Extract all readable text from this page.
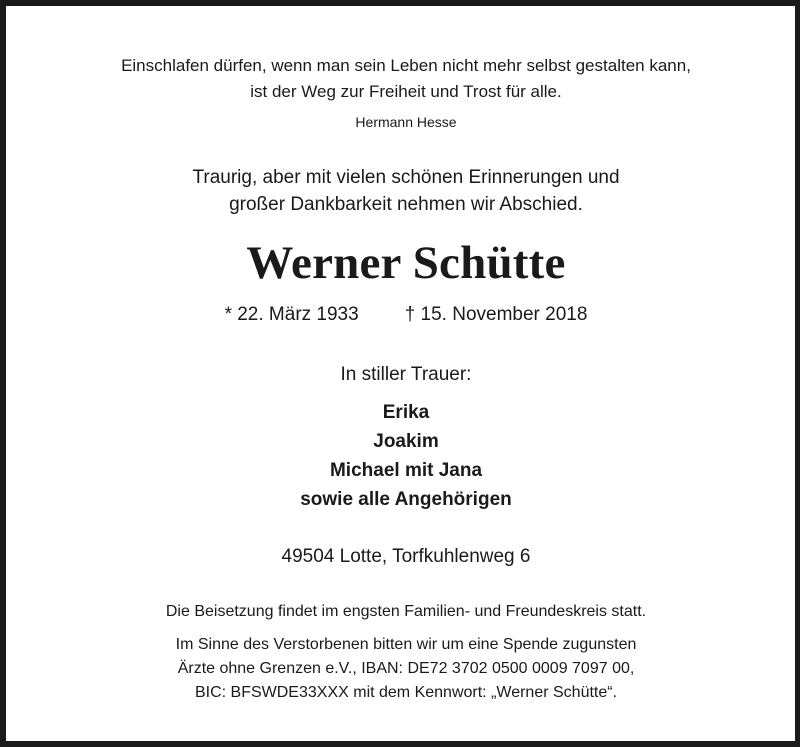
Einschlafen dürfen, wenn man sein Leben nicht mehr selbst gestalten kann,
ist der Weg zur Freiheit und Trost für alle.
Hermann Hesse
Traurig, aber mit vielen schönen Erinnerungen und
großer Dankbarkeit nehmen wir Abschied.
Werner Schütte
* 22. März 1933 † 15. November 2018
In stiller Trauer:
Erika
Joakim
Michael mit Jana
sowie alle Angehörigen
49504 Lotte, Torfkuhlenweg 6
Die Beisetzung findet im engsten Familien- und Freundeskreis statt.
Im Sinne des Verstorbenen bitten wir um eine Spende zugunsten
Ärzte ohne Grenzen e.V., IBAN: DE72 3702 0500 0009 7097 00,
BIC: BFSWDE33XXX mit dem Kennwort: „Werner Schütte“.
